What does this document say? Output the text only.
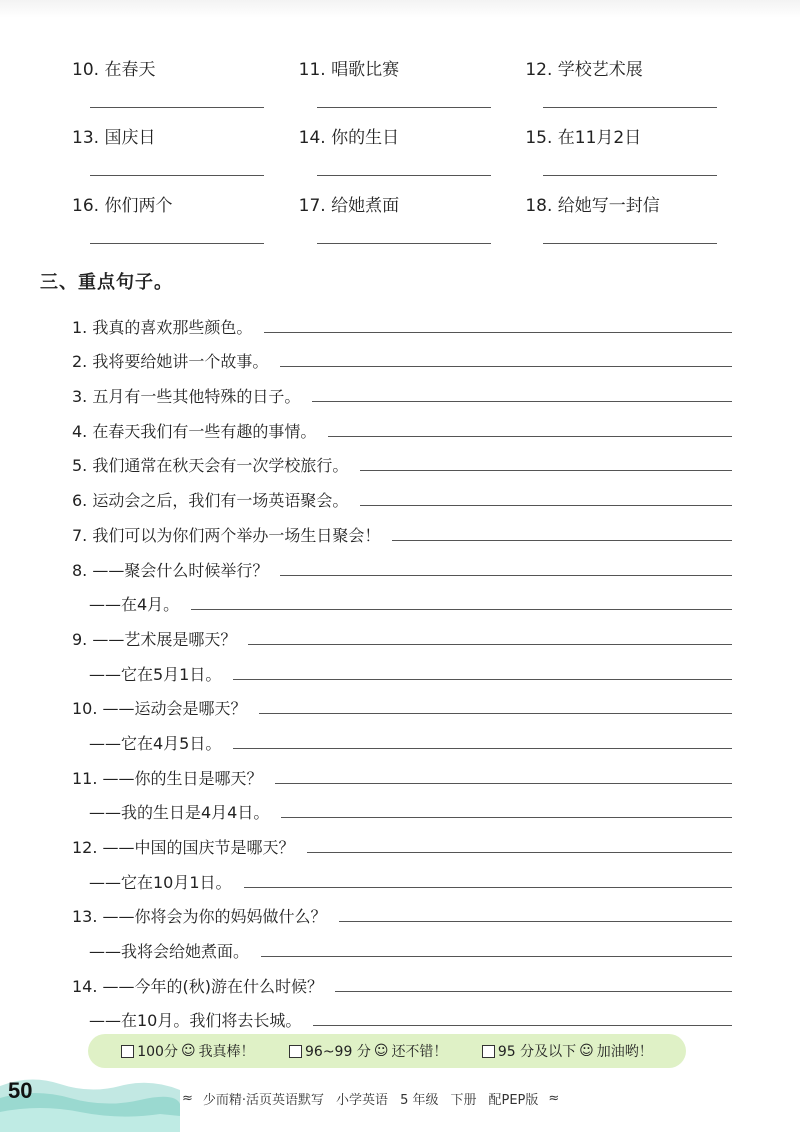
10. 在春天	11. 唱歌比赛	12. 学校艺术展
13. 国庆日	14. 你的生日	15. 在11月2日
16. 你们两个	17. 给她煮面	18. 给她写一封信
三、重点句子。
1. 我真的喜欢那些颜色。
2. 我将要给她讲一个故事。
3. 五月有一些其他特殊的日子。
4. 在春天我们有一些有趣的事情。
5. 我们通常在秋天会有一次学校旅行。
6. 运动会之后，我们有一场英语聚会。
7. 我们可以为你们两个举办一场生日聚会！
8. ——聚会什么时候举行？
——在4月。
9. ——艺术展是哪天？
——它在5月1日。
10. ——运动会是哪天？
——它在4月5日。
11. ——你的生日是哪天？
——我的生日是4月4日。
12. ——中国的国庆节是哪天？
——它在10月1日。
13. ——你将会为你的妈妈做什么？
——我将会给她煮面。
14. ——今年的(秋)游在什么时候？
——在10月。我们将去长城。
100分 ☺ 我真棒！	96~99 分 ☺ 还不错！	95 分及以下 ☺ 加油哟！
50	≈ 少而精·活页英语默写 小学英语 5 年级 下册 配PEP版 ≈
